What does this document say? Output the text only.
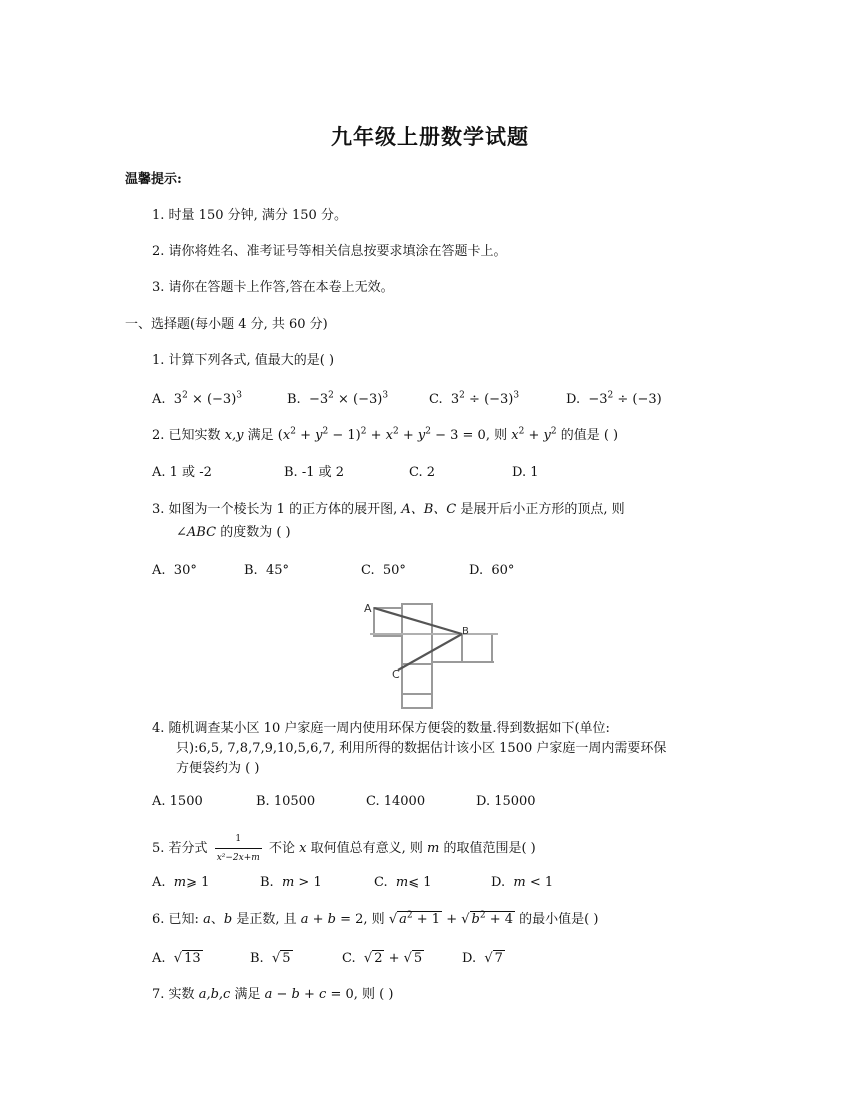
九年级上册数学试题
温馨提示:
1. 时量 150 分钟, 满分 150 分。
2. 请你将姓名、准考证号等相关信息按要求填涂在答题卡上。
3. 请你在答题卡上作答,答在本卷上无效。
一、选择题(每小题 4 分, 共 60 分)
1. 计算下列各式, 值最大的是( )
A. $3^2 \times (-3)^3$	B. $-3^2 \times (-3)^3$	C. $3^2 \div (-3)^3$	D. $-3^2 \div (-3)$
2. 已知实数 x,y 满足 $(x^2 + y^2 - 1)^2 + x^2 + y^2 - 3 = 0$, 则 $x^2 + y^2$ 的值是 ( )
A. 1 或 -2	B. -1 或 2	C. 2	D. 1
3. 如图为一个棱长为 1 的正方体的展开图, A、B、C 是展开后小正方形的顶点, 则
∠ABC 的度数为 ( )
A. 30°	B. 45°	C. 50°	D. 60°
A
B
C
4. 随机调查某小区 10 户家庭一周内使用环保方便袋的数量.得到数据如下(单位:
只):6,5, 7,8,7,9,10,5,6,7, 利用所得的数据估计该小区 1500 户家庭一周内需要环保
方便袋约为 ( )
A. 1500	B. 10500	C. 14000	D. 15000
5. 若分式 $\frac{1}{\text{x²−2x+m}}$ 不论 x 取何值总有意义, 则 m 的取值范围是( )
A. m⩾ 1	B. m > 1	C. m⩽ 1	D. m < 1
6. 已知: a、b 是正数, 且 a + b = 2, 则 √ $a^2 + 1$ + √ $b^2 + 4$ 的最小值是( )
A. √ 13	B. √ 5	C. √ 2 + √ 5	D. √ 7
7. 实数 a,b,c 满足 a − b + c = 0, 则 ( )
